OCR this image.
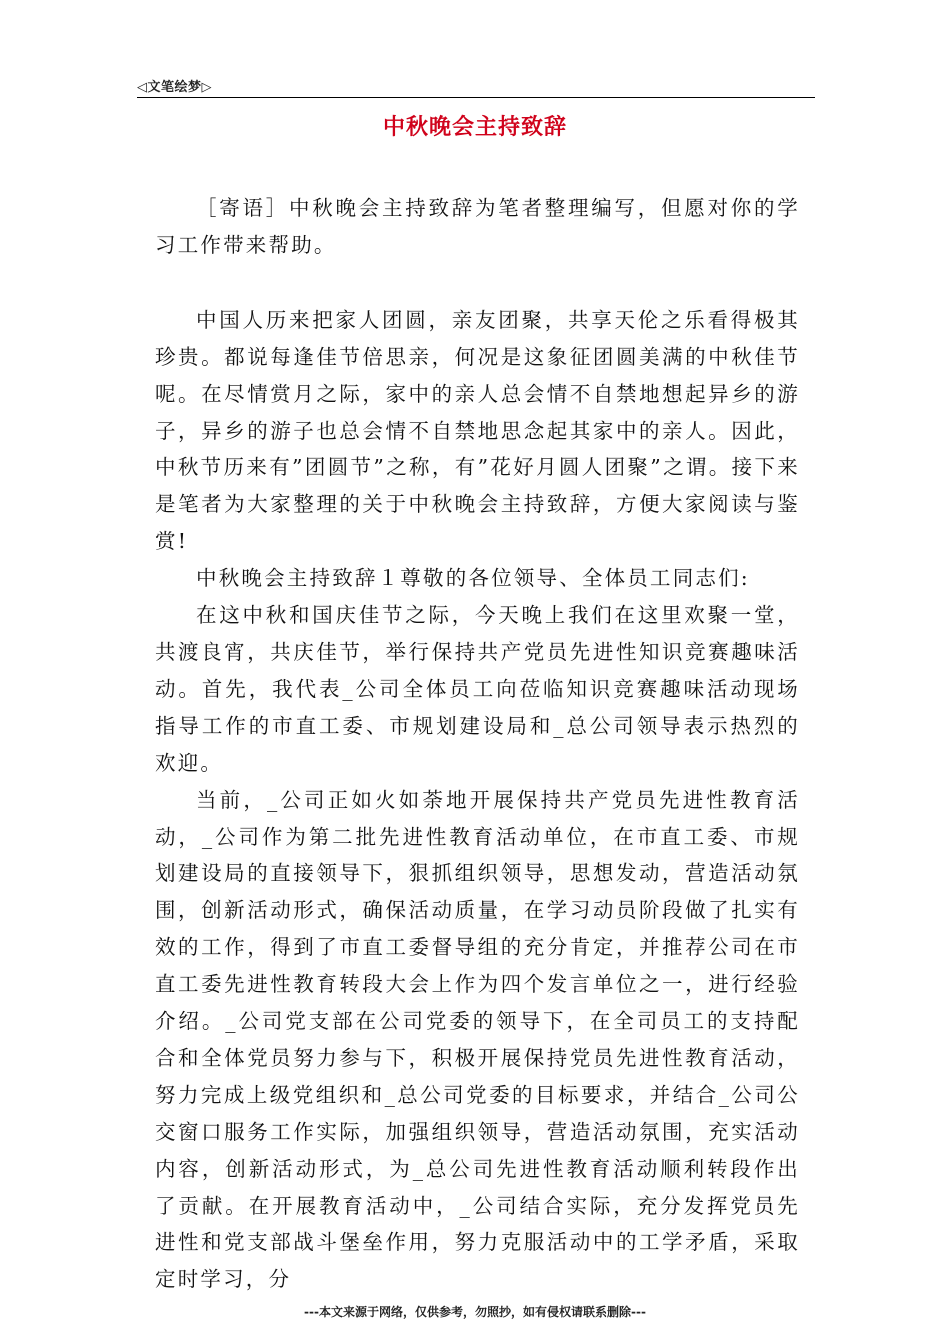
◁文笔绘梦▷
中秋晚会主持致辞

［寄语］中秋晚会主持致辞为笔者整理编写，但愿对你的学习工作带来帮助。

中国人历来把家人团圆，亲友团聚，共享天伦之乐看得极其珍贵。都说每逢佳节倍思亲，何况是这象征团圆美满的中秋佳节呢。在尽情赏月之际，家中的亲人总会情不自禁地想起异乡的游子，异乡的游子也总会情不自禁地思念起其家中的亲人。因此，中秋节历来有”团圆节”之称，有”花好月圆人团聚”之谓。接下来是笔者为大家整理的关于中秋晚会主持致辞，方便大家阅读与鉴赏!

中秋晚会主持致辞１尊敬的各位领导、全体员工同志们:

在这中秋和国庆佳节之际，今天晚上我们在这里欢聚一堂，共渡良宵，共庆佳节，举行保持共产党员先进性知识竞赛趣味活动。首先，我代表_公司全体员工向莅临知识竞赛趣味活动现场指导工作的市直工委、市规划建设局和_总公司领导表示热烈的欢迎。

当前，_公司正如火如荼地开展保持共产党员先进性教育活动，_公司作为第二批先进性教育活动单位，在市直工委、市规划建设局的直接领导下，狠抓组织领导，思想发动，营造活动氛围，创新活动形式，确保活动质量，在学习动员阶段做了扎实有效的工作，得到了市直工委督导组的充分肯定，并推荐公司在市直工委先进性教育转段大会上作为四个发言单位之一，进行经验介绍。_公司党支部在公司党委的领导下，在全司员工的支持配合和全体党员努力参与下，积极开展保持党员先进性教育活动，努力完成上级党组织和_总公司党委的目标要求，并结合_公司公交窗口服务工作实际，加强组织领导，营造活动氛围，充实活动内容，创新活动形式，为_总公司先进性教育活动顺利转段作出了贡献。在开展教育活动中，_公司结合实际，充分发挥党员先进性和党支部战斗堡垒作用，努力克服活动中的工学矛盾，采取定时学习，分

---本文来源于网络，仅供参考，勿照抄，如有侵权请联系删除---
